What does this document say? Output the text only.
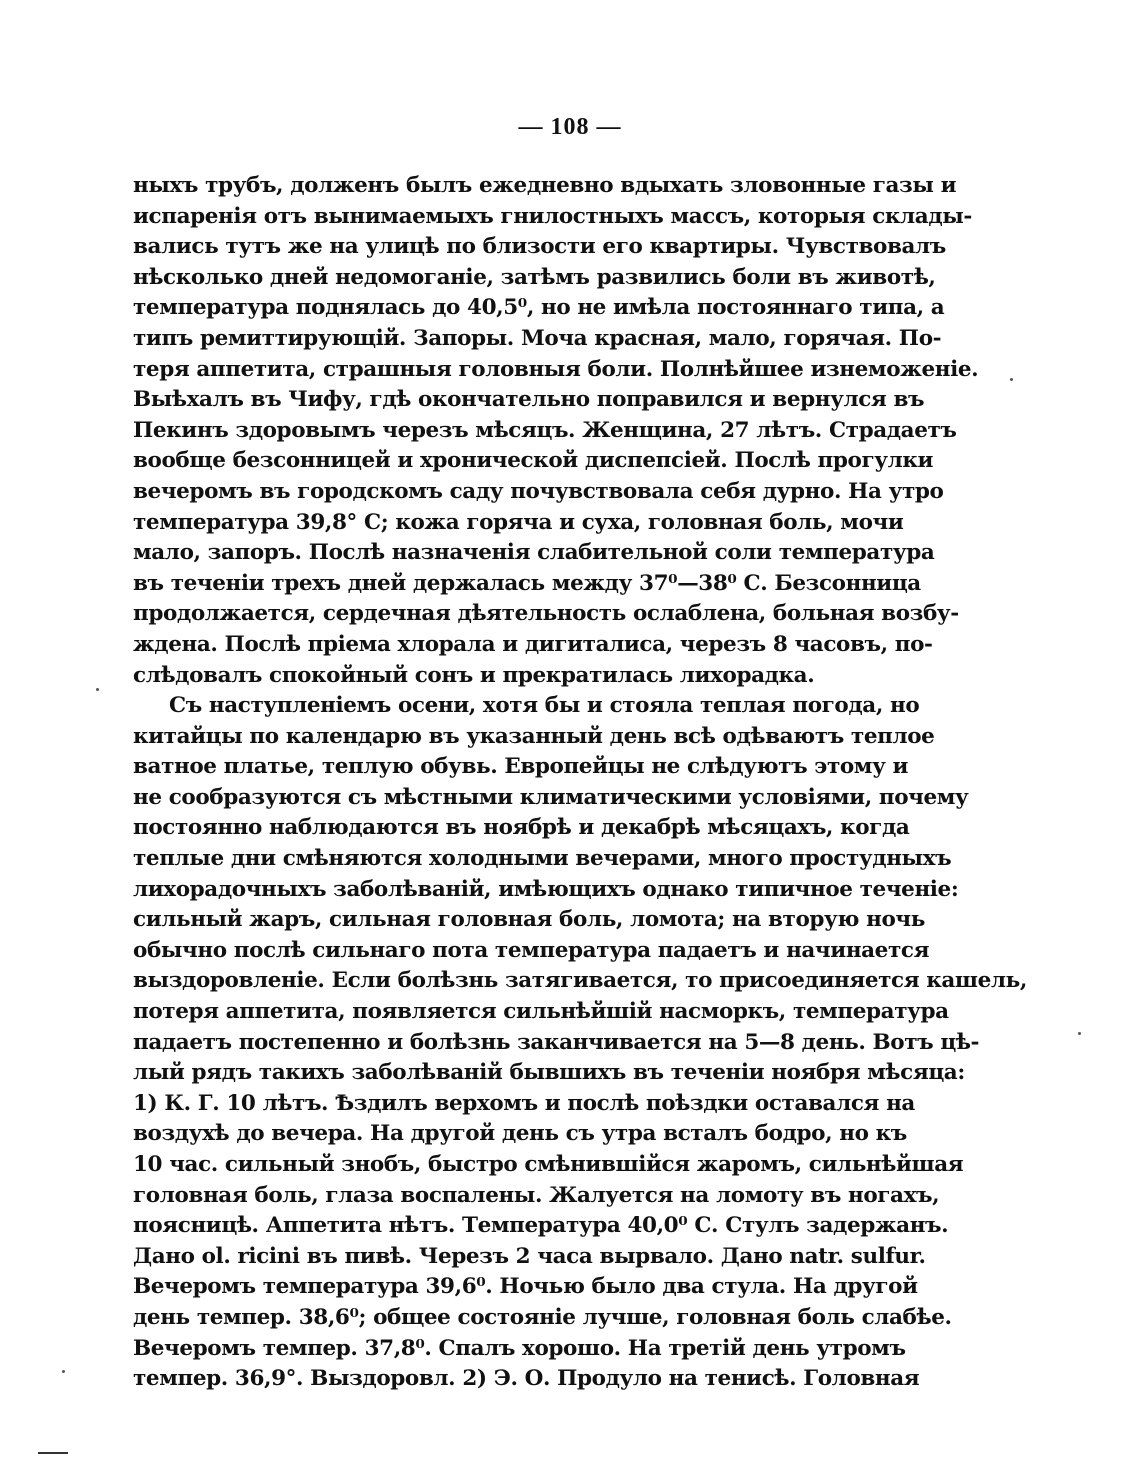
— 108 —
ныхъ трубъ, долженъ былъ ежедневно вдыхать зловонные газы и
испаренія отъ вынимаемыхъ гнилостныхъ массъ, которыя склады-
вались тутъ же на улицѣ по близости его квартиры. Чувствовалъ
нѣсколько дней недомоганіе, затѣмъ развились боли въ животѣ,
температура поднялась до 40,5⁰, но не имѣла постояннаго типа, а
типъ ремиттирующій. Запоры. Моча красная, мало, горячая. По-
теря аппетита, страшныя головныя боли. Полнѣйшее изнеможеніе.
Выѣхалъ въ Чифу, гдѣ окончательно поправился и вернулся въ
Пекинъ здоровымъ черезъ мѣсяцъ. Женщина, 27 лѣтъ. Страдаетъ
вообще безсонницей и хронической диспепсіей. Послѣ прогулки
вечеромъ въ городскомъ саду почувствовала себя дурно. На утро
температура 39,8° С; кожа горяча и суха, головная боль, мочи
мало, запоръ. Послѣ назначенія слабительной соли температура
въ теченіи трехъ дней держалась между 37⁰—38⁰ С. Безсонница
продолжается, сердечная дѣятельность ослаблена, больная возбу-
ждена. Послѣ пріема хлорала и дигиталиса, черезъ 8 часовъ, по-
слѣдовалъ спокойный сонъ и прекратилась лихорадка.
Съ наступленіемъ осени, хотя бы и стояла теплая погода, но
китайцы по календарю въ указанный день всѣ одѣваютъ теплое
ватное платье, теплую обувь. Европейцы не слѣдуютъ этому и
не сообразуются съ мѣстными климатическими условіями, почему
постоянно наблюдаются въ ноябрѣ и декабрѣ мѣсяцахъ, когда
теплые дни смѣняются холодными вечерами, много простудныхъ
лихорадочныхъ заболѣваній, имѣющихъ однако типичное теченіе:
сильный жаръ, сильная головная боль, ломота; на вторую ночь
обычно послѣ сильнаго пота температура падаетъ и начинается
выздоровленіе. Если болѣзнь затягивается, то присоединяется кашель,
потеря аппетита, появляется сильнѣйшій насморкъ, температура
падаетъ постепенно и болѣзнь заканчивается на 5—8 день. Вотъ цѣ-
лый рядъ такихъ заболѣваній бывшихъ въ теченіи ноября мѣсяца:
1) К. Г. 10 лѣтъ. Ѣздилъ верхомъ и послѣ поѣздки оставался на
воздухѣ до вечера. На другой день съ утра всталъ бодро, но къ
10 час. сильный знобъ, быстро смѣнившійся жаромъ, сильнѣйшая
головная боль, глаза воспалены. Жалуется на ломоту въ ногахъ,
поясницѣ. Аппетита нѣтъ. Температура 40,0⁰ С. Стулъ задержанъ.
Дано ol. ricini въ пивѣ. Черезъ 2 часа вырвало. Дано natr. sulfur.
Вечеромъ температура 39,6⁰. Ночью было два стула. На другой
день темпер. 38,6⁰; общее состояніе лучше, головная боль слабѣе.
Вечеромъ темпер. 37,8⁰. Спалъ хорошо. На третій день утромъ
темпер. 36,9°. Выздоровл. 2) Э. О. Продуло на тенисѣ. Головная
